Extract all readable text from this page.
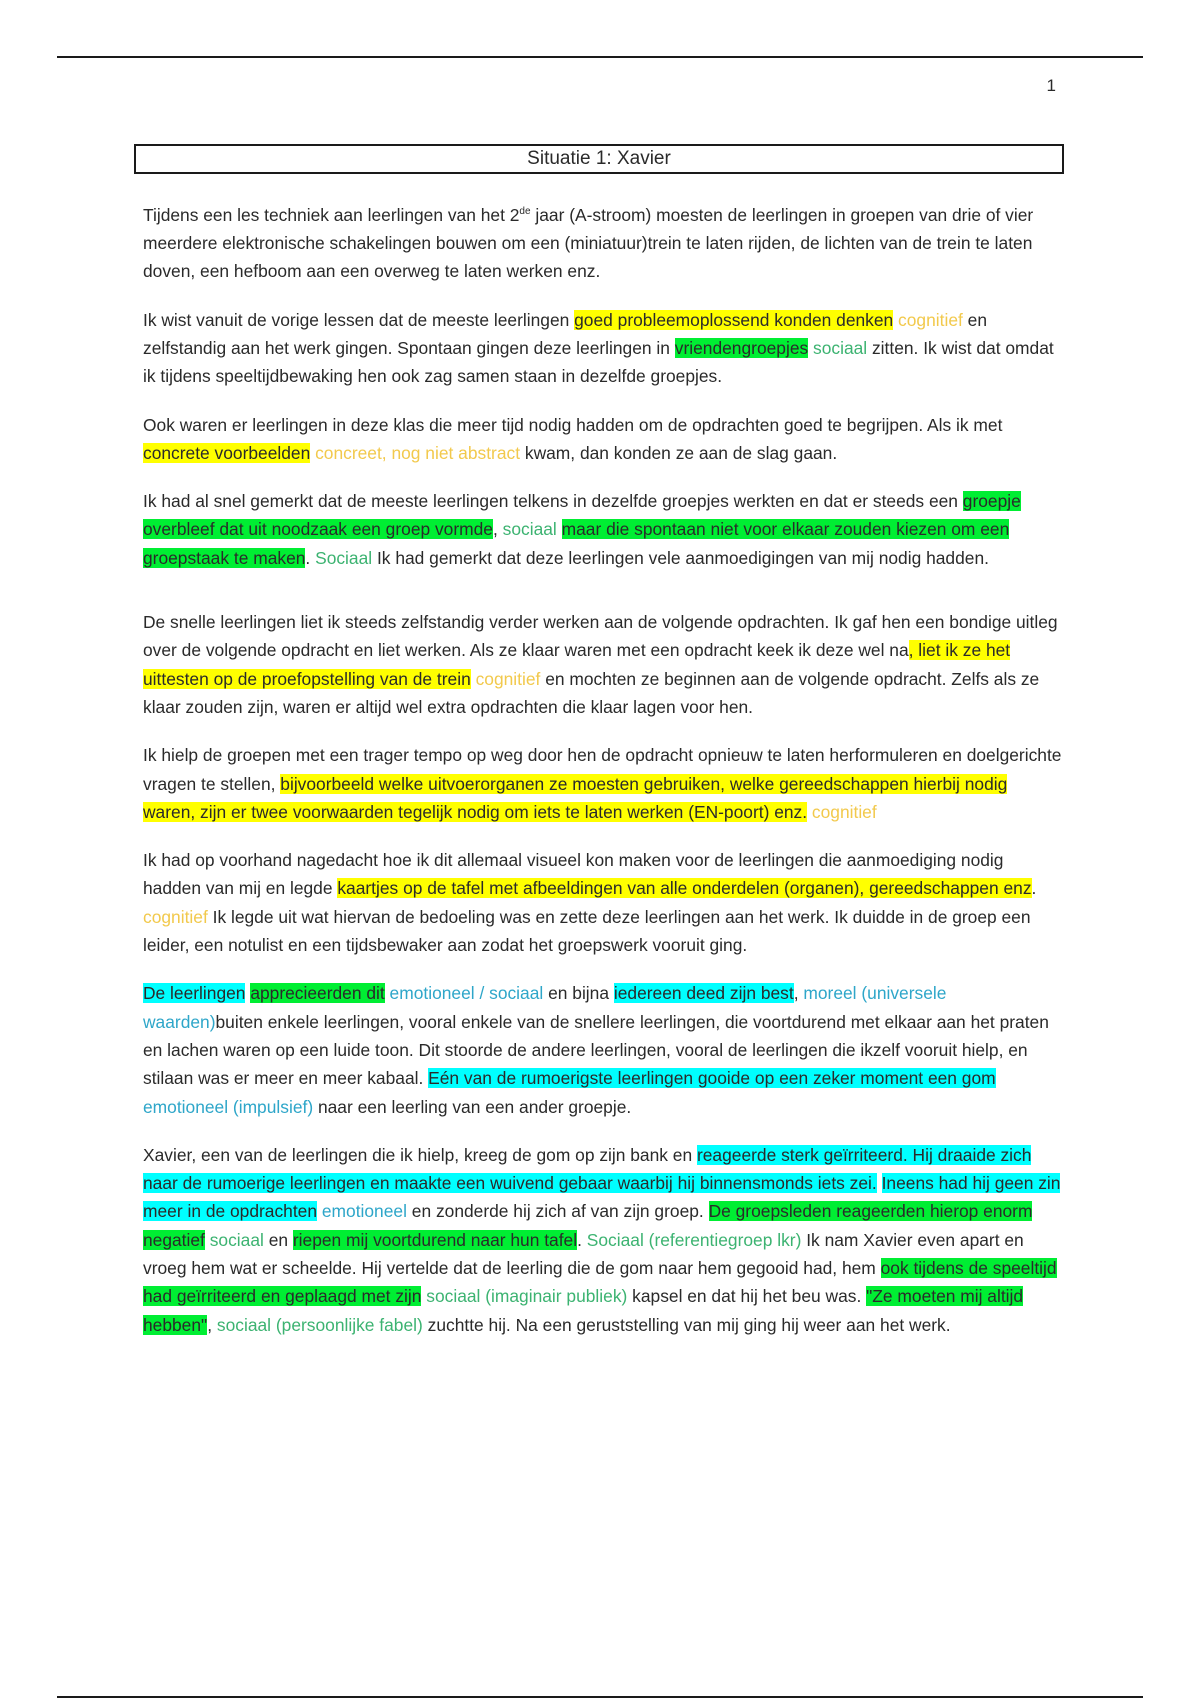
1
Situatie 1: Xavier

Tijdens een les techniek aan leerlingen van het 2de jaar (A-stroom) moesten de leerlingen in groepen van drie of vier meerdere elektronische schakelingen bouwen om een (miniatuur)trein te laten rijden, de lichten van de trein te laten doven, een hefboom aan een overweg te laten werken enz.

Ik wist vanuit de vorige lessen dat de meeste leerlingen goed probleemoplossend konden denken cognitief en zelfstandig aan het werk gingen. Spontaan gingen deze leerlingen in vriendengroepjes sociaal zitten. Ik wist dat omdat ik tijdens speeltijdbewaking hen ook zag samen staan in dezelfde groepjes.

Ook waren er leerlingen in deze klas die meer tijd nodig hadden om de opdrachten goed te begrijpen. Als ik met concrete voorbeelden concreet, nog niet abstract kwam, dan konden ze aan de slag gaan.

Ik had al snel gemerkt dat de meeste leerlingen telkens in dezelfde groepjes werkten en dat er steeds een groepje overbleef dat uit noodzaak een groep vormde, sociaal maar die spontaan niet voor elkaar zouden kiezen om een groepstaak te maken. Sociaal Ik had gemerkt dat deze leerlingen vele aanmoedigingen van mij nodig hadden.

De snelle leerlingen liet ik steeds zelfstandig verder werken aan de volgende opdrachten. Ik gaf hen een bondige uitleg over de volgende opdracht en liet werken. Als ze klaar waren met een opdracht keek ik deze wel na, liet ik ze het uittesten op de proefopstelling van de trein cognitief en mochten ze beginnen aan de volgende opdracht. Zelfs als ze klaar zouden zijn, waren er altijd wel extra opdrachten die klaar lagen voor hen.

Ik hielp de groepen met een trager tempo op weg door hen de opdracht opnieuw te laten herformuleren en doelgerichte vragen te stellen, bijvoorbeeld welke uitvoerorganen ze moesten gebruiken, welke gereedschappen hierbij nodig waren, zijn er twee voorwaarden tegelijk nodig om iets te laten werken (EN-poort) enz. cognitief

Ik had op voorhand nagedacht hoe ik dit allemaal visueel kon maken voor de leerlingen die aanmoediging nodig hadden van mij en legde kaartjes op de tafel met afbeeldingen van alle onderdelen (organen), gereedschappen enz. cognitief Ik legde uit wat hiervan de bedoeling was en zette deze leerlingen aan het werk. Ik duidde in de groep een leider, een notulist en een tijdsbewaker aan zodat het groepswerk vooruit ging.

De leerlingen apprecieerden dit emotioneel / sociaal en bijna iedereen deed zijn best, moreel (universele waarden)buiten enkele leerlingen, vooral enkele van de snellere leerlingen, die voortdurend met elkaar aan het praten en lachen waren op een luide toon. Dit stoorde de andere leerlingen, vooral de leerlingen die ikzelf vooruit hielp, en stilaan was er meer en meer kabaal. Eén van de rumoerigste leerlingen gooide op een zeker moment een gom emotioneel (impulsief) naar een leerling van een ander groepje.

Xavier, een van de leerlingen die ik hielp, kreeg de gom op zijn bank en reageerde sterk geïrriteerd. Hij draaide zich naar de rumoerige leerlingen en maakte een wuivend gebaar waarbij hij binnensmonds iets zei. Ineens had hij geen zin meer in de opdrachten emotioneel en zonderde hij zich af van zijn groep. De groepsleden reageerden hierop enorm negatief sociaal en riepen mij voortdurend naar hun tafel. Sociaal (referentiegroep lkr) Ik nam Xavier even apart en vroeg hem wat er scheelde. Hij vertelde dat de leerling die de gom naar hem gegooid had, hem ook tijdens de speeltijd had geïrriteerd en geplaagd met zijn sociaal (imaginair publiek) kapsel en dat hij het beu was. "Ze moeten mij altijd hebben", sociaal (persoonlijke fabel) zuchtte hij. Na een geruststelling van mij ging hij weer aan het werk.
